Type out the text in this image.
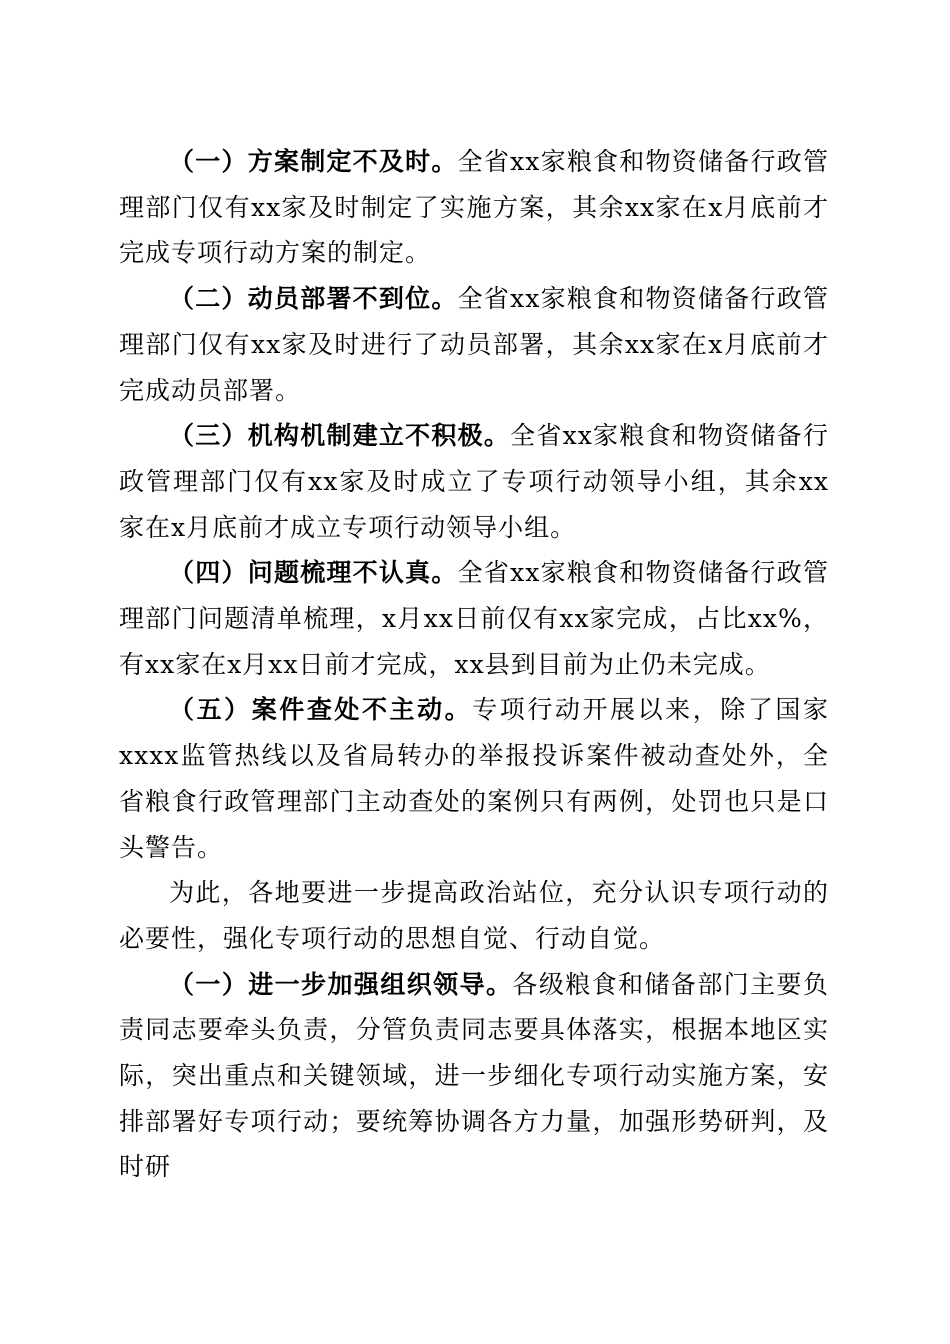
（一）方案制定不及时。全省xx家粮食和物资储备行政管理部门仅有xx家及时制定了实施方案，其余xx家在x月底前才完成专项行动方案的制定。

（二）动员部署不到位。全省xx家粮食和物资储备行政管理部门仅有xx家及时进行了动员部署，其余xx家在x月底前才完成动员部署。

（三）机构机制建立不积极。全省xx家粮食和物资储备行政管理部门仅有xx家及时成立了专项行动领导小组，其余xx家在x月底前才成立专项行动领导小组。

（四）问题梳理不认真。全省xx家粮食和物资储备行政管理部门问题清单梳理，x月xx日前仅有xx家完成，占比xx%，有xx家在x月xx日前才完成，xx县到目前为止仍未完成。

（五）案件查处不主动。专项行动开展以来，除了国家xxxx监管热线以及省局转办的举报投诉案件被动查处外，全省粮食行政管理部门主动查处的案例只有两例，处罚也只是口头警告。

为此，各地要进一步提高政治站位，充分认识专项行动的必要性，强化专项行动的思想自觉、行动自觉。

（一）进一步加强组织领导。各级粮食和储备部门主要负责同志要牵头负责，分管负责同志要具体落实，根据本地区实际，突出重点和关键领域，进一步细化专项行动实施方案，安排部署好专项行动；要统筹协调各方力量，加强形势研判，及时研
